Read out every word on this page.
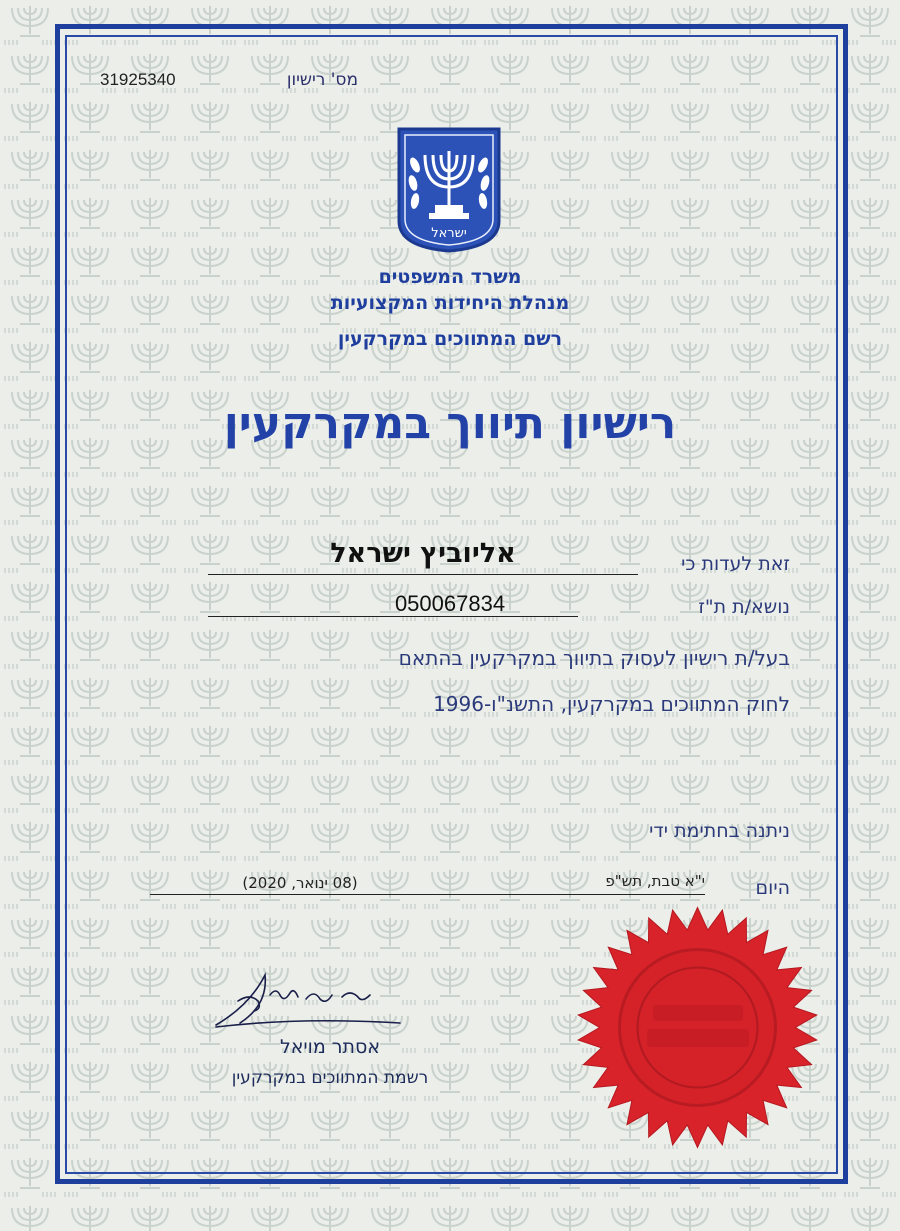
מס' רישיון
31925340
ישראל
משרד המשפטים
מנהלת היחידות המקצועיות
רשם המתווכים במקרקעין
רישיון תיווך במקרקעין
זאת לעדות כי
אליוביץ ישראל
נושא/ת ת"ז
050067834
בעל/ת רישיון לעסוק בתיווך במקרקעין בהתאם
לחוק המתווכים במקרקעין, התשנ"ו-1996
ניתנה בחתימת ידי
היום
י"א טבת, תש"פ
(08 ינואר, 2020)
אסתר מויאל
רשמת המתווכים במקרקעין
